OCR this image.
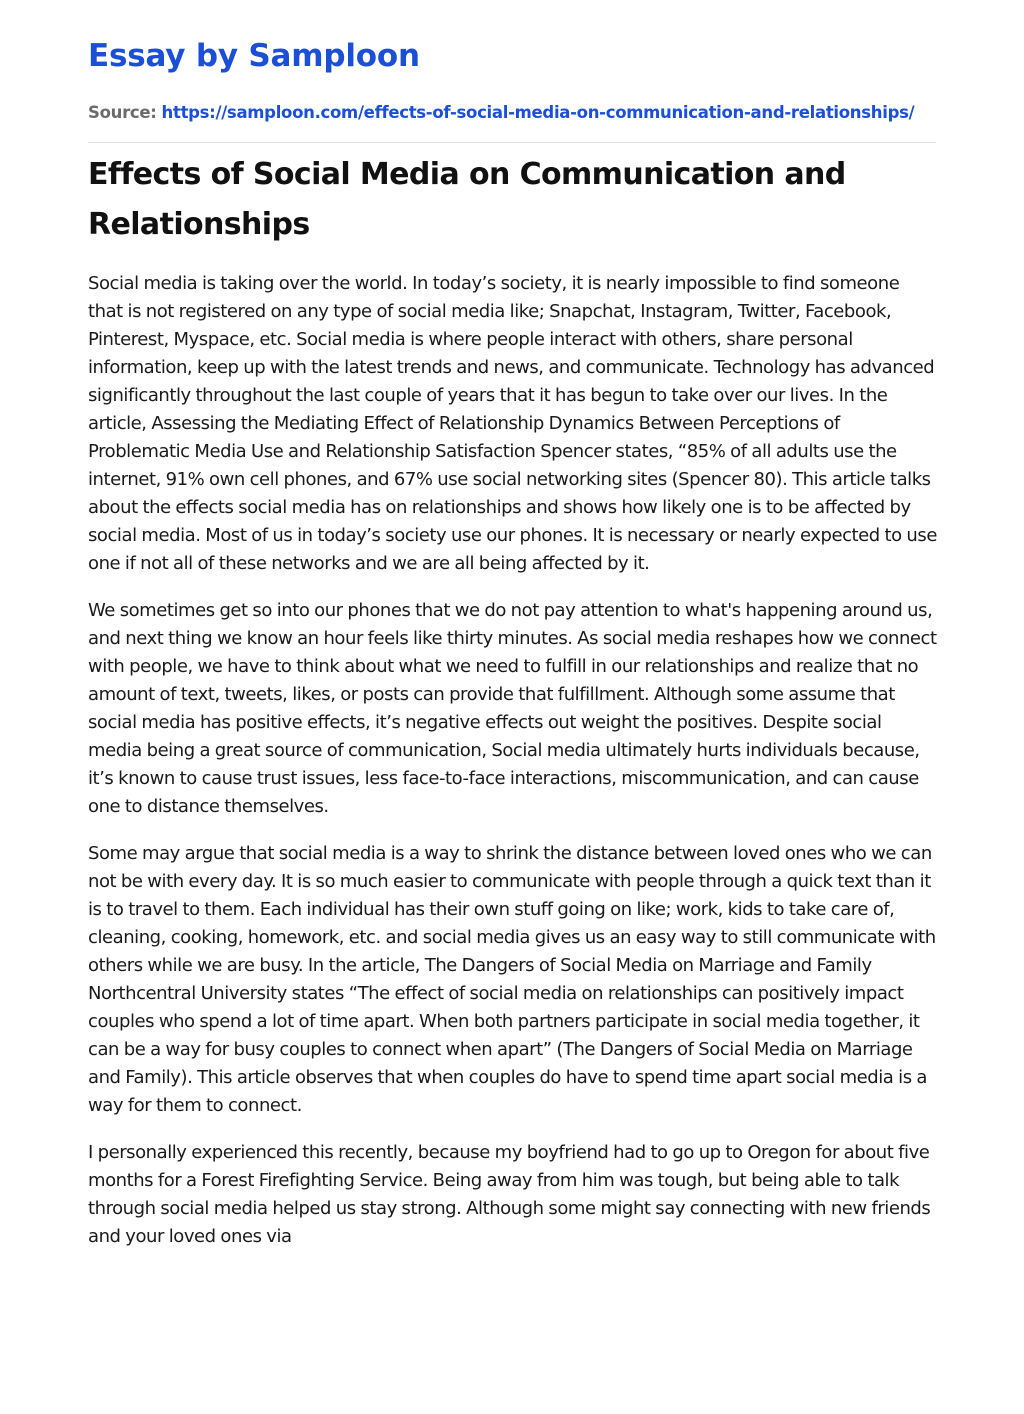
Essay by Samploon
Source: https://samploon.com/effects-of-social-media-on-communication-and-relationships/
Effects of Social Media on Communication and Relationships

Social media is taking over the world. In today’s society, it is nearly impossible to find someone that is not registered on any type of social media like; Snapchat, Instagram, Twitter, Facebook, Pinterest, Myspace, etc. Social media is where people interact with others, share personal information, keep up with the latest trends and news, and communicate. Technology has advanced significantly throughout the last couple of years that it has begun to take over our lives. In the article, Assessing the Mediating Effect of Relationship Dynamics Between Perceptions of Problematic Media Use and Relationship Satisfaction Spencer states, “85% of all adults use the internet, 91% own cell phones, and 67% use social networking sites (Spencer 80). This article talks about the effects social media has on relationships and shows how likely one is to be affected by social media. Most of us in today’s society use our phones. It is necessary or nearly expected to use one if not all of these networks and we are all being affected by it.

We sometimes get so into our phones that we do not pay attention to what's happening around us, and next thing we know an hour feels like thirty minutes. As social media reshapes how we connect with people, we have to think about what we need to fulfill in our relationships and realize that no amount of text, tweets, likes, or posts can provide that fulfillment. Although some assume that social media has positive effects, it’s negative effects out weight the positives. Despite social media being a great source of communication, Social media ultimately hurts individuals because, it’s known to cause trust issues, less face-to-face interactions, miscommunication, and can cause one to distance themselves.

Some may argue that social media is a way to shrink the distance between loved ones who we can not be with every day. It is so much easier to communicate with people through a quick text than it is to travel to them. Each individual has their own stuff going on like; work, kids to take care of, cleaning, cooking, homework, etc. and social media gives us an easy way to still communicate with others while we are busy. In the article, The Dangers of Social Media on Marriage and Family Northcentral University states “The effect of social media on relationships can positively impact couples who spend a lot of time apart. When both partners participate in social media together, it can be a way for busy couples to connect when apart” (The Dangers of Social Media on Marriage and Family). This article observes that when couples do have to spend time apart social media is a way for them to connect.

I personally experienced this recently, because my boyfriend had to go up to Oregon for about five months for a Forest Firefighting Service. Being away from him was tough, but being able to talk through social media helped us stay strong. Although some might say connecting with new friends and your loved ones via
